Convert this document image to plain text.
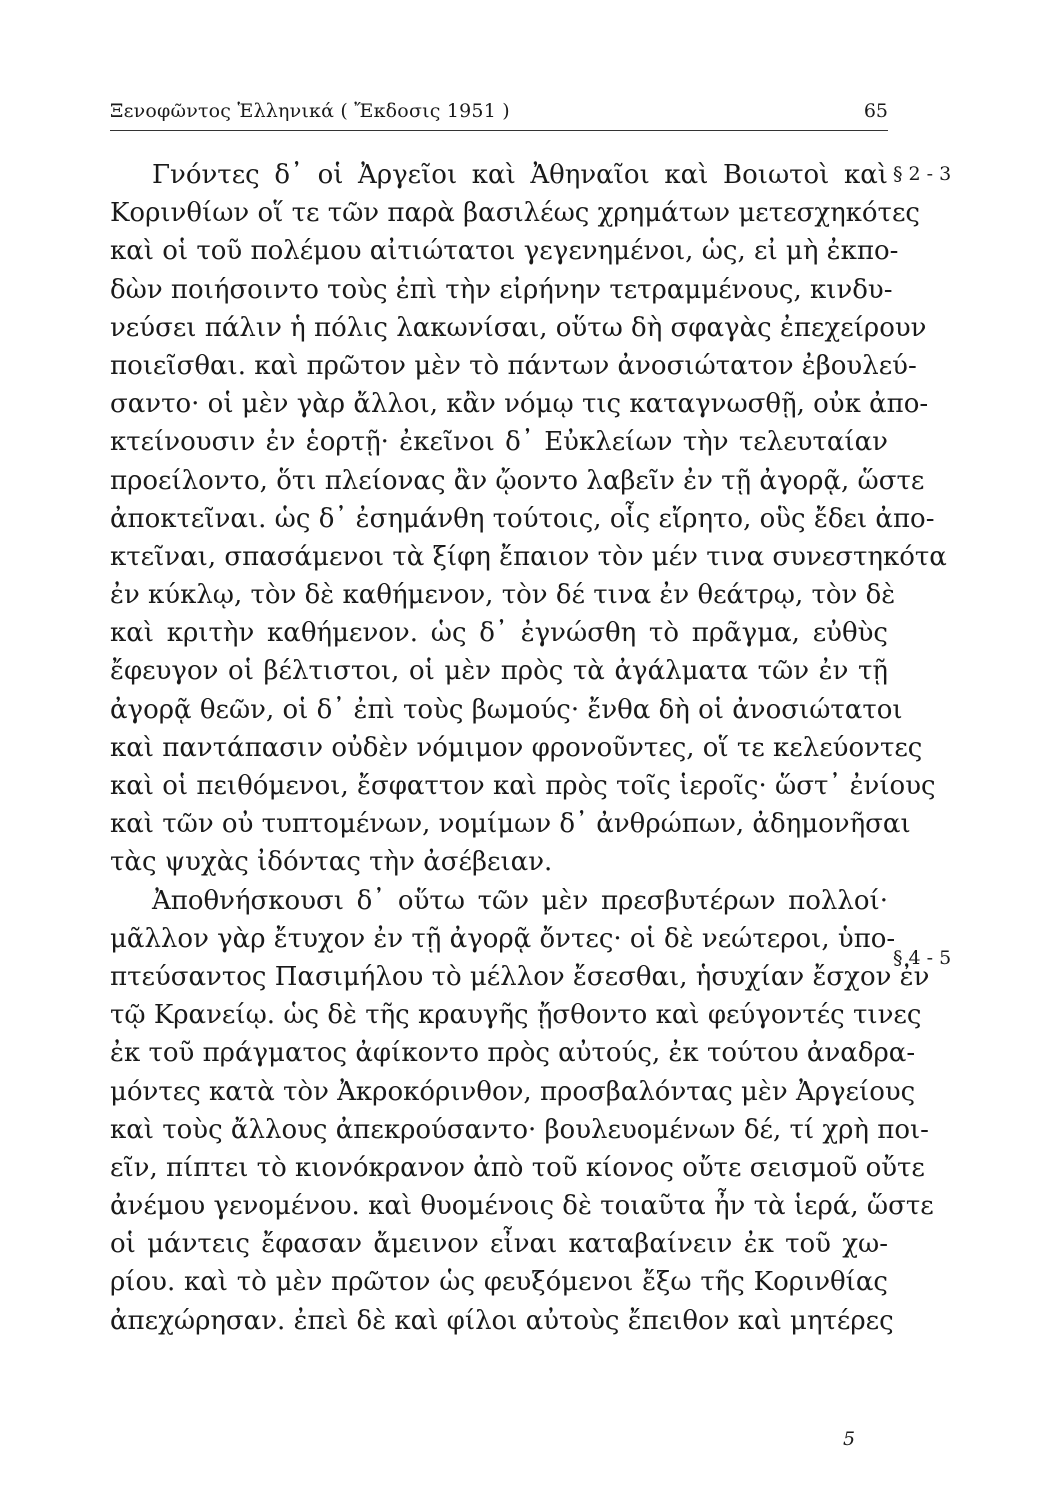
Ξενοφῶντος Ἑλληνικά ( Ἔκδοσις 1951 )	65
§ 2 - 3
§ 4 - 5
Γνόντες δ᾽ οἱ Ἀργεῖοι καὶ Ἀθηναῖοι καὶ Βοιωτοὶ καὶ
Κορινθίων οἵ τε τῶν παρὰ βασιλέως χρημάτων μετεσχηκότες
καὶ οἱ τοῦ πολέμου αἰτιώτατοι γεγενημένοι, ὡς, εἰ μὴ ἐκπο-
δὼν ποιήσοιντο τοὺς ἐπὶ τὴν εἰρήνην τετραμμένους, κινδυ-
νεύσει πάλιν ἡ πόλις λακωνίσαι, οὕτω δὴ σφαγὰς ἐπεχείρουν
ποιεῖσθαι. καὶ πρῶτον μὲν τὸ πάντων ἀνοσιώτατον ἐβουλεύ-
σαντο· οἱ μὲν γὰρ ἄλλοι, κἂν νόμῳ τις καταγνωσθῇ, οὐκ ἀπο-
κτείνουσιν ἐν ἑορτῇ· ἐκεῖνοι δ᾽ Εὐκλείων τὴν τελευταίαν
προείλοντο, ὅτι πλείονας ἂν ᾤοντο λαβεῖν ἐν τῇ ἀγορᾷ, ὥστε
ἀποκτεῖναι. ὡς δ᾽ ἐσημάνθη τούτοις, οἷς εἴρητο, οὓς ἔδει ἀπο-
κτεῖναι, σπασάμενοι τὰ ξίφη ἔπαιον τὸν μέν τινα συνεστηκότα
ἐν κύκλῳ, τὸν δὲ καθήμενον, τὸν δέ τινα ἐν θεάτρῳ, τὸν δὲ
καὶ κριτὴν καθήμενον. ὡς δ᾽ ἐγνώσθη τὸ πρᾶγμα, εὐθὺς
ἔφευγον οἱ βέλτιστοι, οἱ μὲν πρὸς τὰ ἀγάλματα τῶν ἐν τῇ
ἀγορᾷ θεῶν, οἱ δ᾽ ἐπὶ τοὺς βωμούς· ἔνθα δὴ οἱ ἀνοσιώτατοι
καὶ παντάπασιν οὐδὲν νόμιμον φρονοῦντες, οἵ τε κελεύοντες
καὶ οἱ πειθόμενοι, ἔσφαττον καὶ πρὸς τοῖς ἱεροῖς· ὥστ᾽ ἐνίους
καὶ τῶν οὐ τυπτομένων, νομίμων δ᾽ ἀνθρώπων, ἀδημονῆσαι
τὰς ψυχὰς ἰδόντας τὴν ἀσέβειαν.
Ἀποθνήσκουσι δ᾽ οὕτω τῶν μὲν πρεσβυτέρων πολλοί·
μᾶλλον γὰρ ἔτυχον ἐν τῇ ἀγορᾷ ὄντες· οἱ δὲ νεώτεροι, ὑπο-
πτεύσαντος Πασιμήλου τὸ μέλλον ἔσεσθαι, ἡσυχίαν ἔσχον ἐν
τῷ Κρανείῳ. ὡς δὲ τῆς κραυγῆς ᾔσθοντο καὶ φεύγοντές τινες
ἐκ τοῦ πράγματος ἀφίκοντο πρὸς αὐτούς, ἐκ τούτου ἀναδρα-
μόντες κατὰ τὸν Ἀκροκόρινθον, προσβαλόντας μὲν Ἀργείους
καὶ τοὺς ἄλλους ἀπεκρούσαντο· βουλευομένων δέ, τί χρὴ ποι-
εῖν, πίπτει τὸ κιονόκρανον ἀπὸ τοῦ κίονος οὔτε σεισμοῦ οὔτε
ἀνέμου γενομένου. καὶ θυομένοις δὲ τοιαῦτα ἦν τὰ ἱερά, ὥστε
οἱ μάντεις ἔφασαν ἄμεινον εἶναι καταβαίνειν ἐκ τοῦ χω-
ρίου. καὶ τὸ μὲν πρῶτον ὡς φευξόμενοι ἔξω τῆς Κορινθίας
ἀπεχώρησαν. ἐπεὶ δὲ καὶ φίλοι αὐτοὺς ἔπειθον καὶ μητέρες
5
